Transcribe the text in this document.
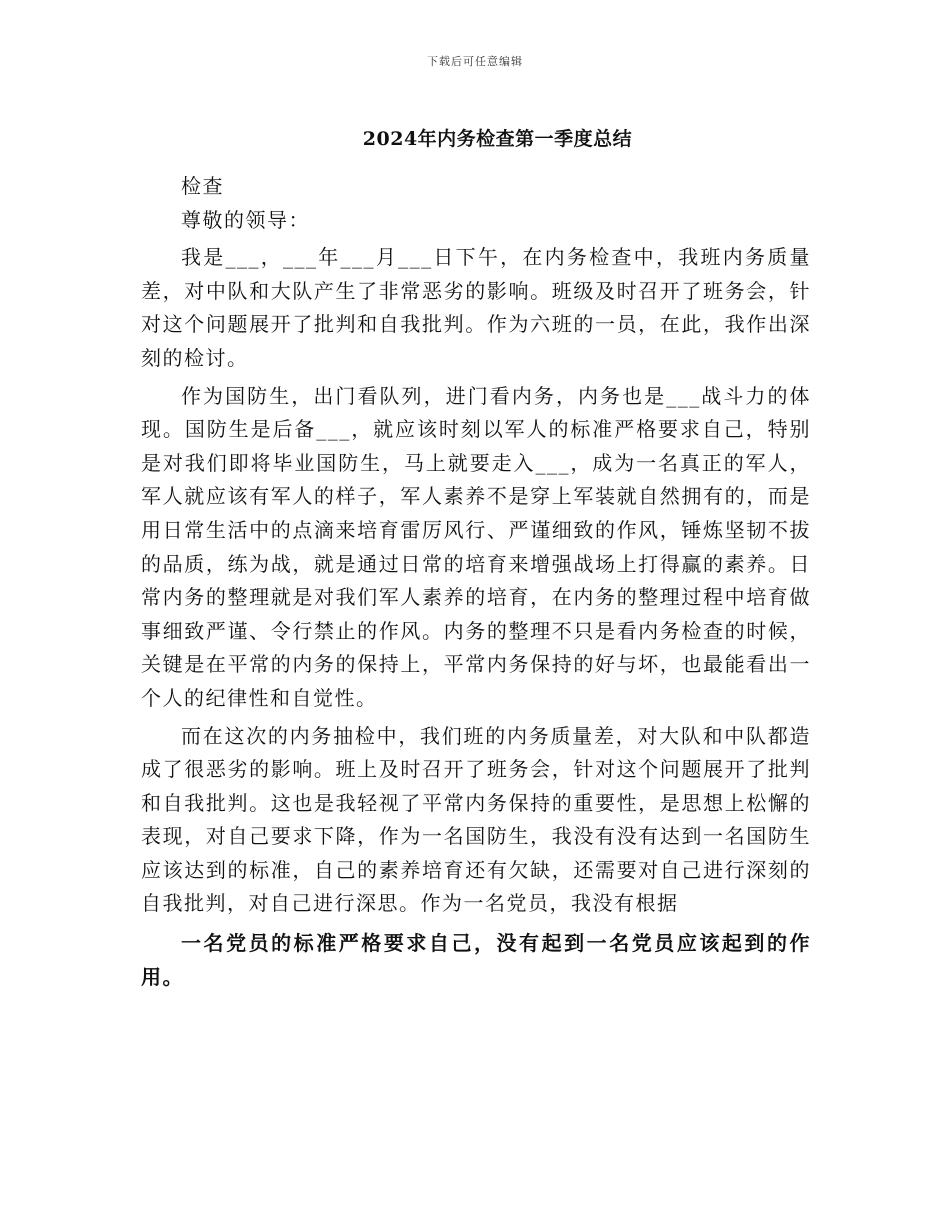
下载后可任意编辑
2024年内务检查第一季度总结

检查

尊敬的领导：

我是___，___年___月___日下午，在内务检查中，我班内务质量差，对中队和大队产生了非常恶劣的影响。班级及时召开了班务会，针对这个问题展开了批判和自我批判。作为六班的一员，在此，我作出深刻的检讨。

作为国防生，出门看队列，进门看内务，内务也是___战斗力的体现。国防生是后备___，就应该时刻以军人的标准严格要求自己，特别是对我们即将毕业国防生，马上就要走入___，成为一名真正的军人，军人就应该有军人的样子，军人素养不是穿上军装就自然拥有的，而是用日常生活中的点滴来培育雷厉风行、严谨细致的作风，锤炼坚韧不拔的品质，练为战，就是通过日常的培育来增强战场上打得赢的素养。日常内务的整理就是对我们军人素养的培育，在内务的整理过程中培育做事细致严谨、令行禁止的作风。内务的整理不只是看内务检查的时候，关键是在平常的内务的保持上，平常内务保持的好与坏，也最能看出一个人的纪律性和自觉性。

而在这次的内务抽检中，我们班的内务质量差，对大队和中队都造成了很恶劣的影响。班上及时召开了班务会，针对这个问题展开了批判和自我批判。这也是我轻视了平常内务保持的重要性，是思想上松懈的表现，对自己要求下降，作为一名国防生，我没有没有达到一名国防生应该达到的标准，自己的素养培育还有欠缺，还需要对自己进行深刻的自我批判，对自己进行深思。作为一名党员，我没有根据

一名党员的标准严格要求自己，没有起到一名党员应该起到的作用。
